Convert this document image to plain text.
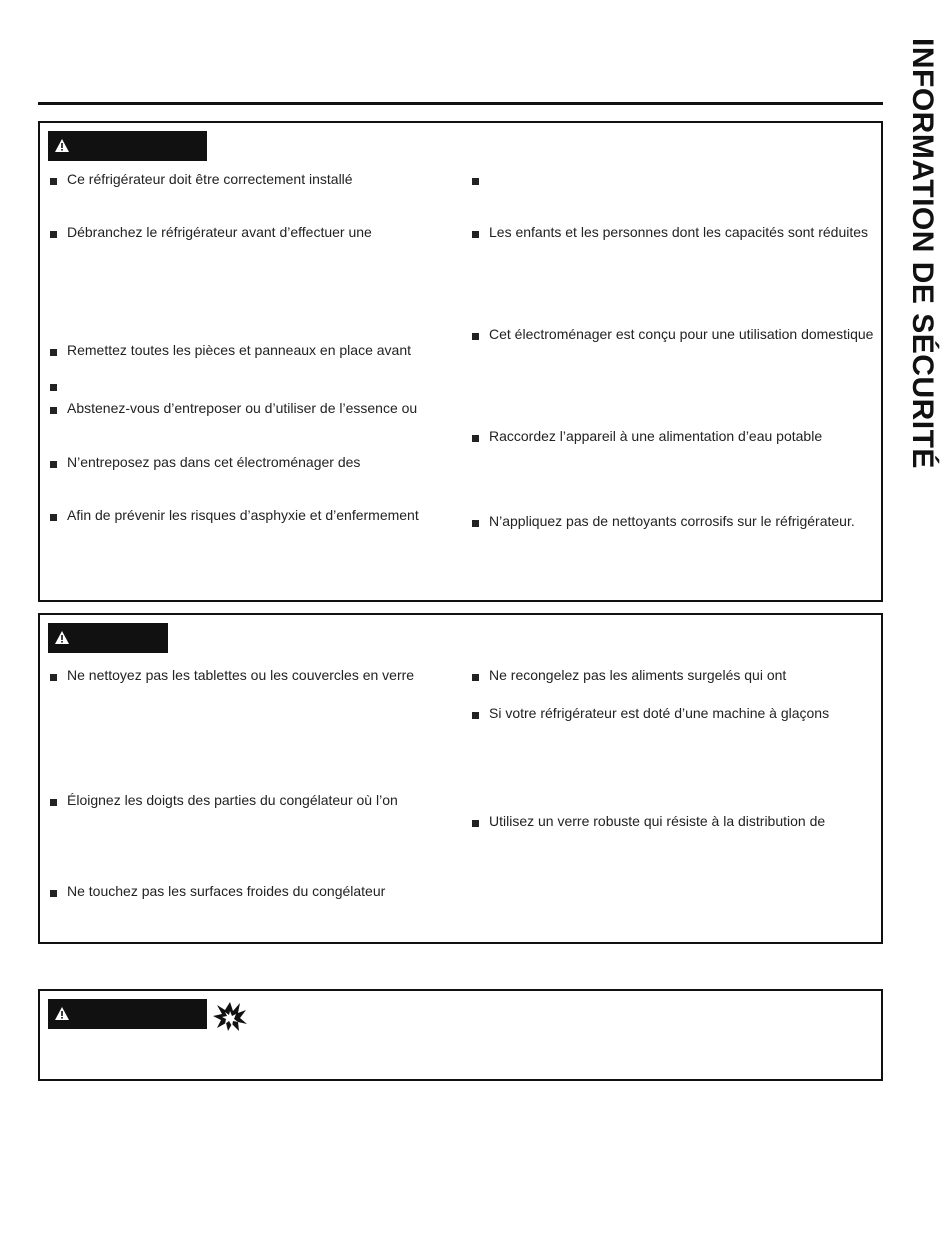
INFORMATION DE SÉCURITÉ
Ce réfrigérateur doit être correctement installé
Débranchez le réfrigérateur avant d’effectuer une
Remettez toutes les pièces et panneaux en place avant
Abstenez-vous d’entreposer ou d’utiliser de l’essence ou
N’entreposez pas dans cet électroménager des
Afin de prévenir les risques d’asphyxie et d’enfermement
Les enfants et les personnes dont les capacités sont réduites
Cet électroménager est conçu pour une utilisation domestique
Raccordez l’appareil à une alimentation d’eau potable
N’appliquez pas de nettoyants corrosifs sur le réfrigérateur.
Ne nettoyez pas les tablettes ou les couvercles en verre
Éloignez les doigts des parties du congélateur où l’on
Ne touchez pas les surfaces froides du congélateur
Ne recongelez pas les aliments surgelés qui ont
Si votre réfrigérateur est doté d’une machine à glaçons
Utilisez un verre robuste qui résiste à la distribution de
